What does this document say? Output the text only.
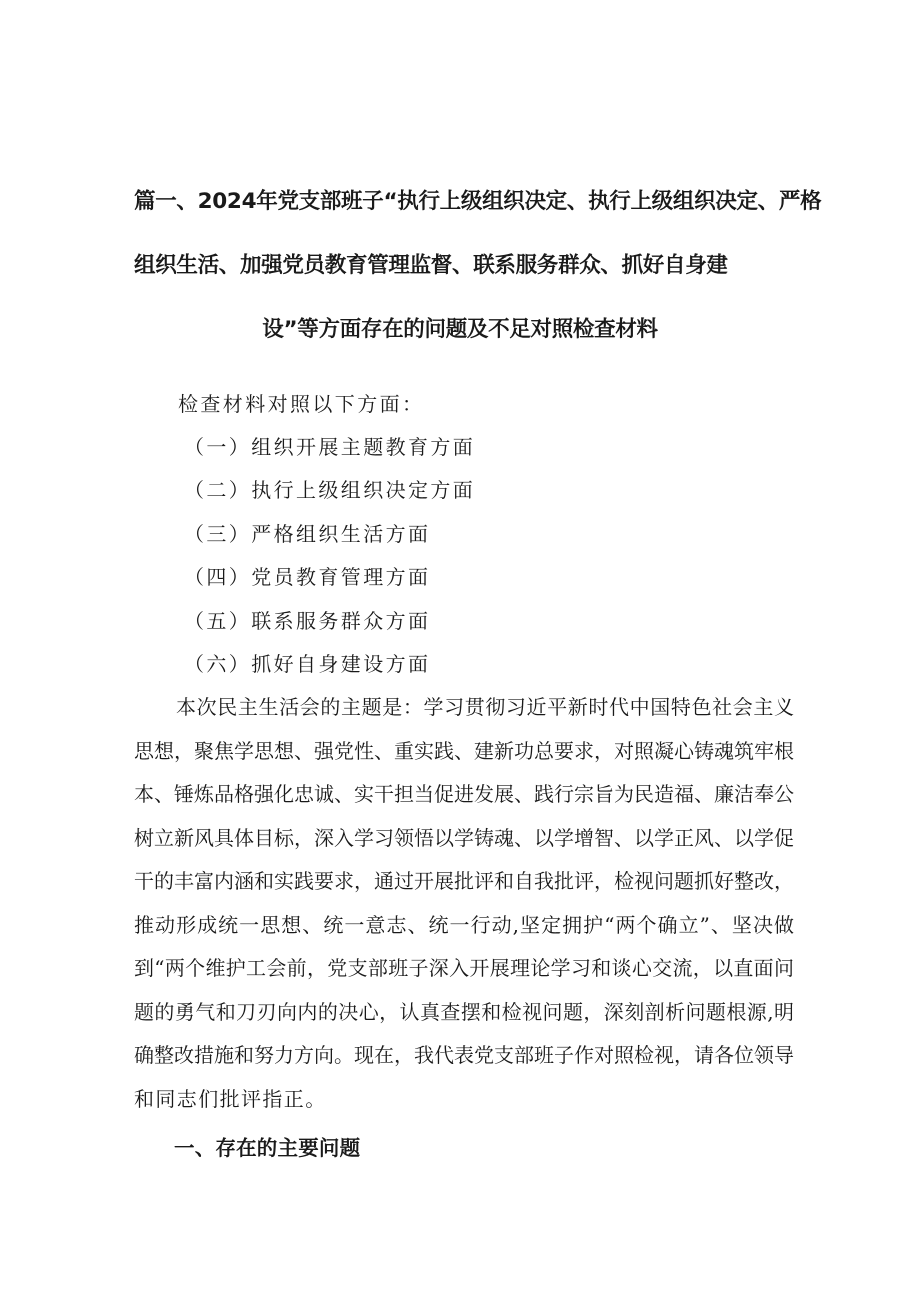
篇一、2024年党支部班子“执行上级组织决定、执行上级组织决定、严格
组织生活、加强党员教育管理监督、联系服务群众、抓好自身建
设”等方面存在的问题及不足对照检查材料

检查材料对照以下方面：

（一）组织开展主题教育方面
（二）执行上级组织决定方面
（三）严格组织生活方面
（四）党员教育管理方面
（五）联系服务群众方面
（六）抓好自身建设方面

本次民主生活会的主题是：学习贯彻习近平新时代中国特色社会主义
思想，聚焦学思想、强党性、重实践、建新功总要求，对照凝心铸魂筑牢根
本、锤炼品格强化忠诚、实干担当促进发展、践行宗旨为民造福、廉洁奉公
树立新风具体目标，深入学习领悟以学铸魂、以学增智、以学正风、以学促
干的丰富内涵和实践要求，通过开展批评和自我批评，检视问题抓好整改，
推动形成统一思想、统一意志、统一行动,坚定拥护“两个确立”、坚决做
到“两个维护工会前，党支部班子深入开展理论学习和谈心交流，以直面问
题的勇气和刀刃向内的决心，认真查摆和检视问题，深刻剖析问题根源,明
确整改措施和努力方向。现在，我代表党支部班子作对照检视，请各位领导
和同志们批评指正。

一、存在的主要问题
